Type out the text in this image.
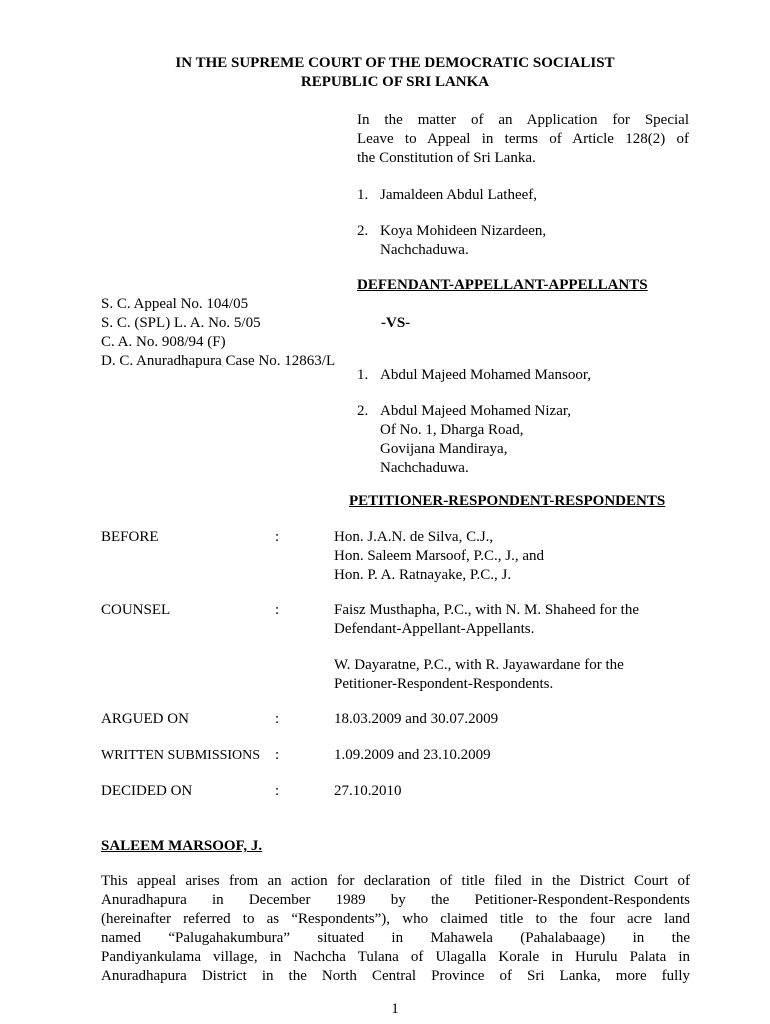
IN THE SUPREME COURT OF THE DEMOCRATIC SOCIALIST
REPUBLIC OF SRI LANKA
In the matter of an Application for Special
Leave to Appeal in terms of Article 128(2) of
the Constitution of Sri Lanka.
1. Jamaldeen Abdul Latheef,
2. Koya Mohideen Nizardeen,
Nachchaduwa.
DEFENDANT-APPELLANT-APPELLANTS
S. C. Appeal No. 104/05
S. C. (SPL) L. A. No. 5/05
C. A. No. 908/94 (F)
D. C. Anuradhapura Case No. 12863/L
-VS-
1. Abdul Majeed Mohamed Mansoor,
2. Abdul Majeed Mohamed Nizar,
Of No. 1, Dharga Road,
Govijana Mandiraya,
Nachchaduwa.
PETITIONER-RESPONDENT-RESPONDENTS
BEFORE	:	Hon. J.A.N. de Silva, C.J.,
Hon. Saleem Marsoof, P.C., J., and
Hon. P. A. Ratnayake, P.C., J.
COUNSEL	:	Faisz Musthapha, P.C., with N. M. Shaheed for the
Defendant-Appellant-Appellants.
W. Dayaratne, P.C., with R. Jayawardane for the
Petitioner-Respondent-Respondents.
ARGUED ON	:	18.03.2009 and 30.07.2009
WRITTEN SUBMISSIONS :	1.09.2009 and 23.10.2009
DECIDED ON	:	27.10.2010
SALEEM MARSOOF, J.
This appeal arises from an action for declaration of title filed in the District Court of
Anuradhapura in December 1989 by the Petitioner-Respondent-Respondents
(hereinafter referred to as “Respondents”), who claimed title to the four acre land
named “Palugahakumbura” situated in Mahawela (Pahalabaage) in the
Pandiyankulama village, in Nachcha Tulana of Ulagalla Korale in Hurulu Palata in
Anuradhapura District in the North Central Province of Sri Lanka, more fully
1
